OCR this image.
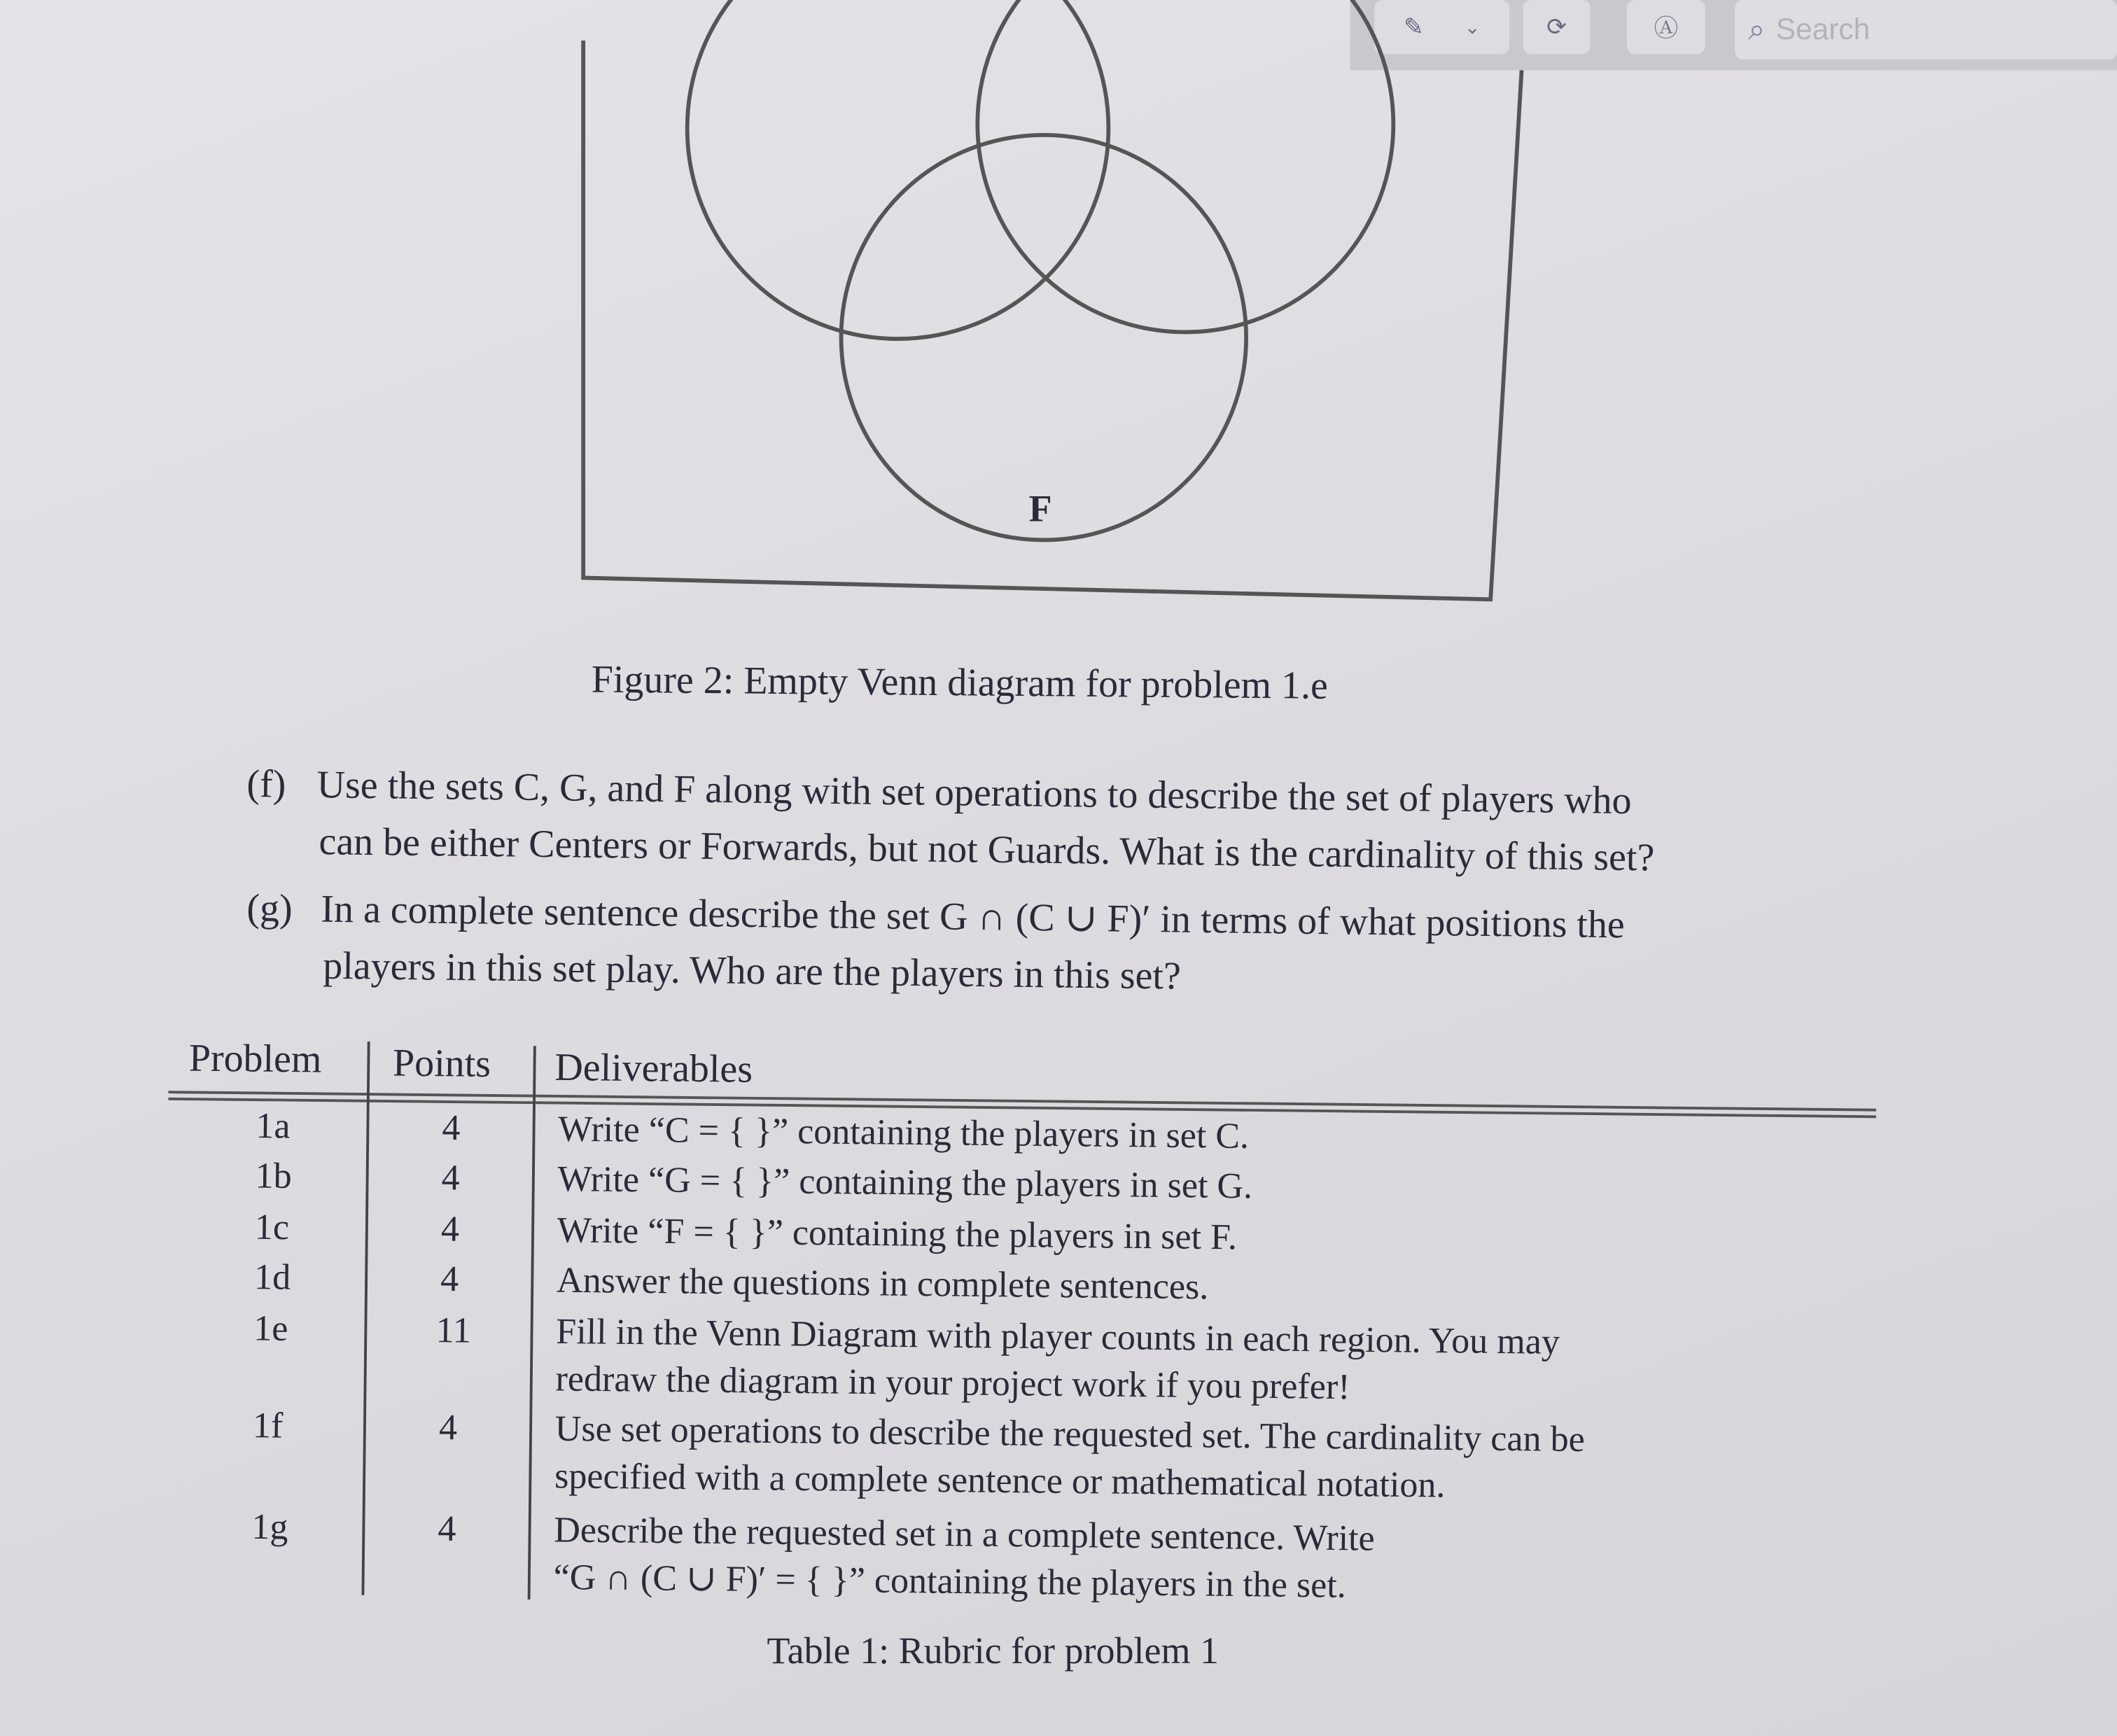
✎	⌄	⟳	Ⓐ	⌕ Search
F
Figure 2: Empty Venn diagram for problem 1.e
(f) Use the sets C, G, and F along with set operations to describe the set of players who
can be either Centers or Forwards, but not Guards. What is the cardinality of this set?
(g) In a complete sentence describe the set G ∩ (C ∪ F)′ in terms of what positions the
players in this set play. Who are the players in this set?
Problem	Points	Deliverables
1a	4	Write “C = { }” containing the players in set C.
1b	4	Write “G = { }” containing the players in set G.
1c	4	Write “F = { }” containing the players in set F.
1d	4	Answer the questions in complete sentences.
1e	11	Fill in the Venn Diagram with player counts in each region. You may
redraw the diagram in your project work if you prefer!
1f	4	Use set operations to describe the requested set. The cardinality can be
specified with a complete sentence or mathematical notation.
1g	4	Describe the requested set in a complete sentence. Write
“G ∩ (C ∪ F)′ = { }” containing the players in the set.
Table 1: Rubric for problem 1
